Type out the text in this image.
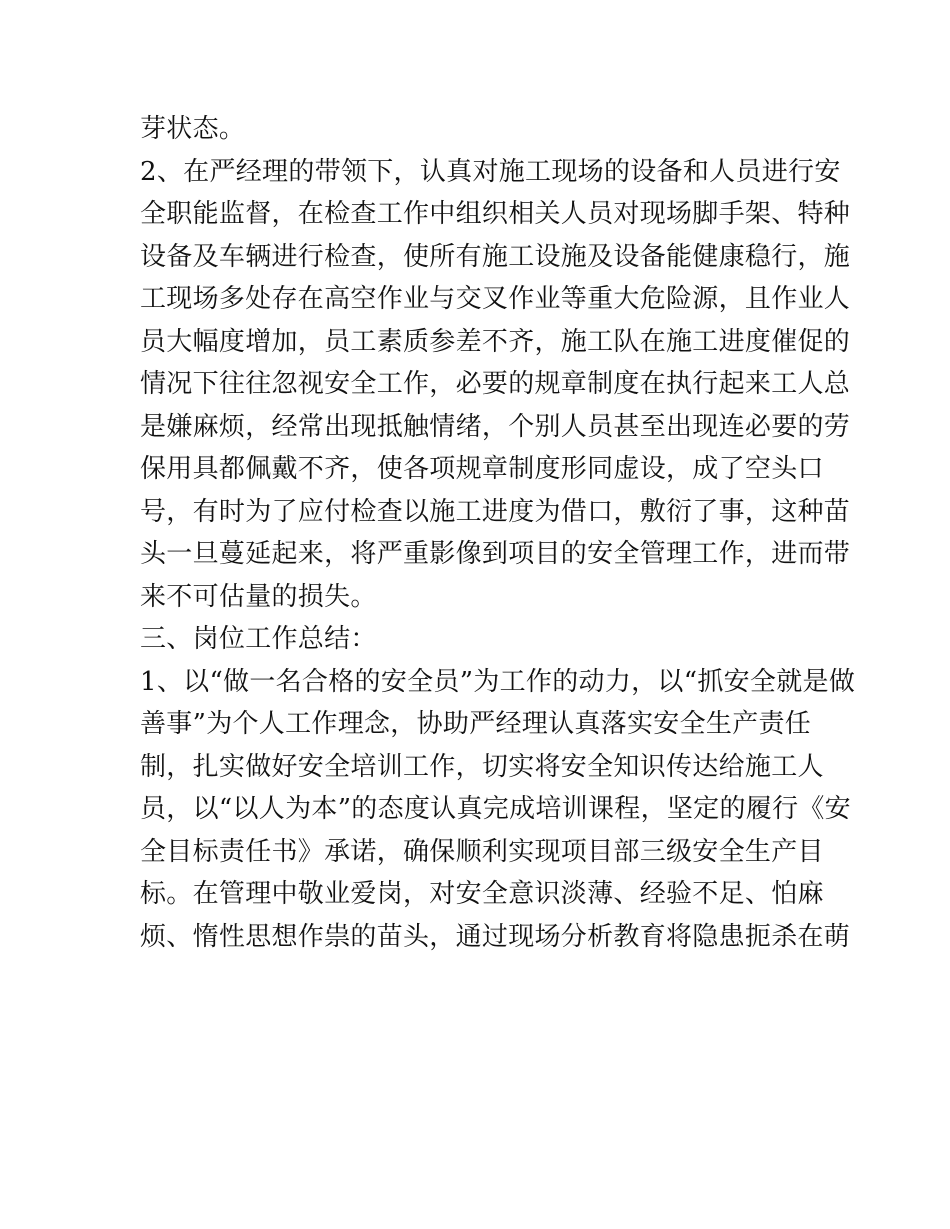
芽状态。
2、在严经理的带领下，认真对施工现场的设备和人员进行安
全职能监督，在检查工作中组织相关人员对现场脚手架、特种
设备及车辆进行检查，使所有施工设施及设备能健康稳行，施
工现场多处存在高空作业与交叉作业等重大危险源，且作业人
员大幅度增加，员工素质参差不齐，施工队在施工进度催促的
情况下往往忽视安全工作，必要的规章制度在执行起来工人总
是嫌麻烦，经常出现抵触情绪，个别人员甚至出现连必要的劳
保用具都佩戴不齐，使各项规章制度形同虚设，成了空头口
号，有时为了应付检查以施工进度为借口，敷衍了事，这种苗
头一旦蔓延起来，将严重影像到项目的安全管理工作，进而带
来不可估量的损失。
三、岗位工作总结：
1、以“做一名合格的安全员”为工作的动力，以“抓安全就是做
善事”为个人工作理念，协助严经理认真落实安全生产责任
制，扎实做好安全培训工作，切实将安全知识传达给施工人
员，以“以人为本”的态度认真完成培训课程，坚定的履行《安
全目标责任书》承诺，确保顺利实现项目部三级安全生产目
标。在管理中敬业爱岗，对安全意识淡薄、经验不足、怕麻
烦、惰性思想作祟的苗头，通过现场分析教育将隐患扼杀在萌
